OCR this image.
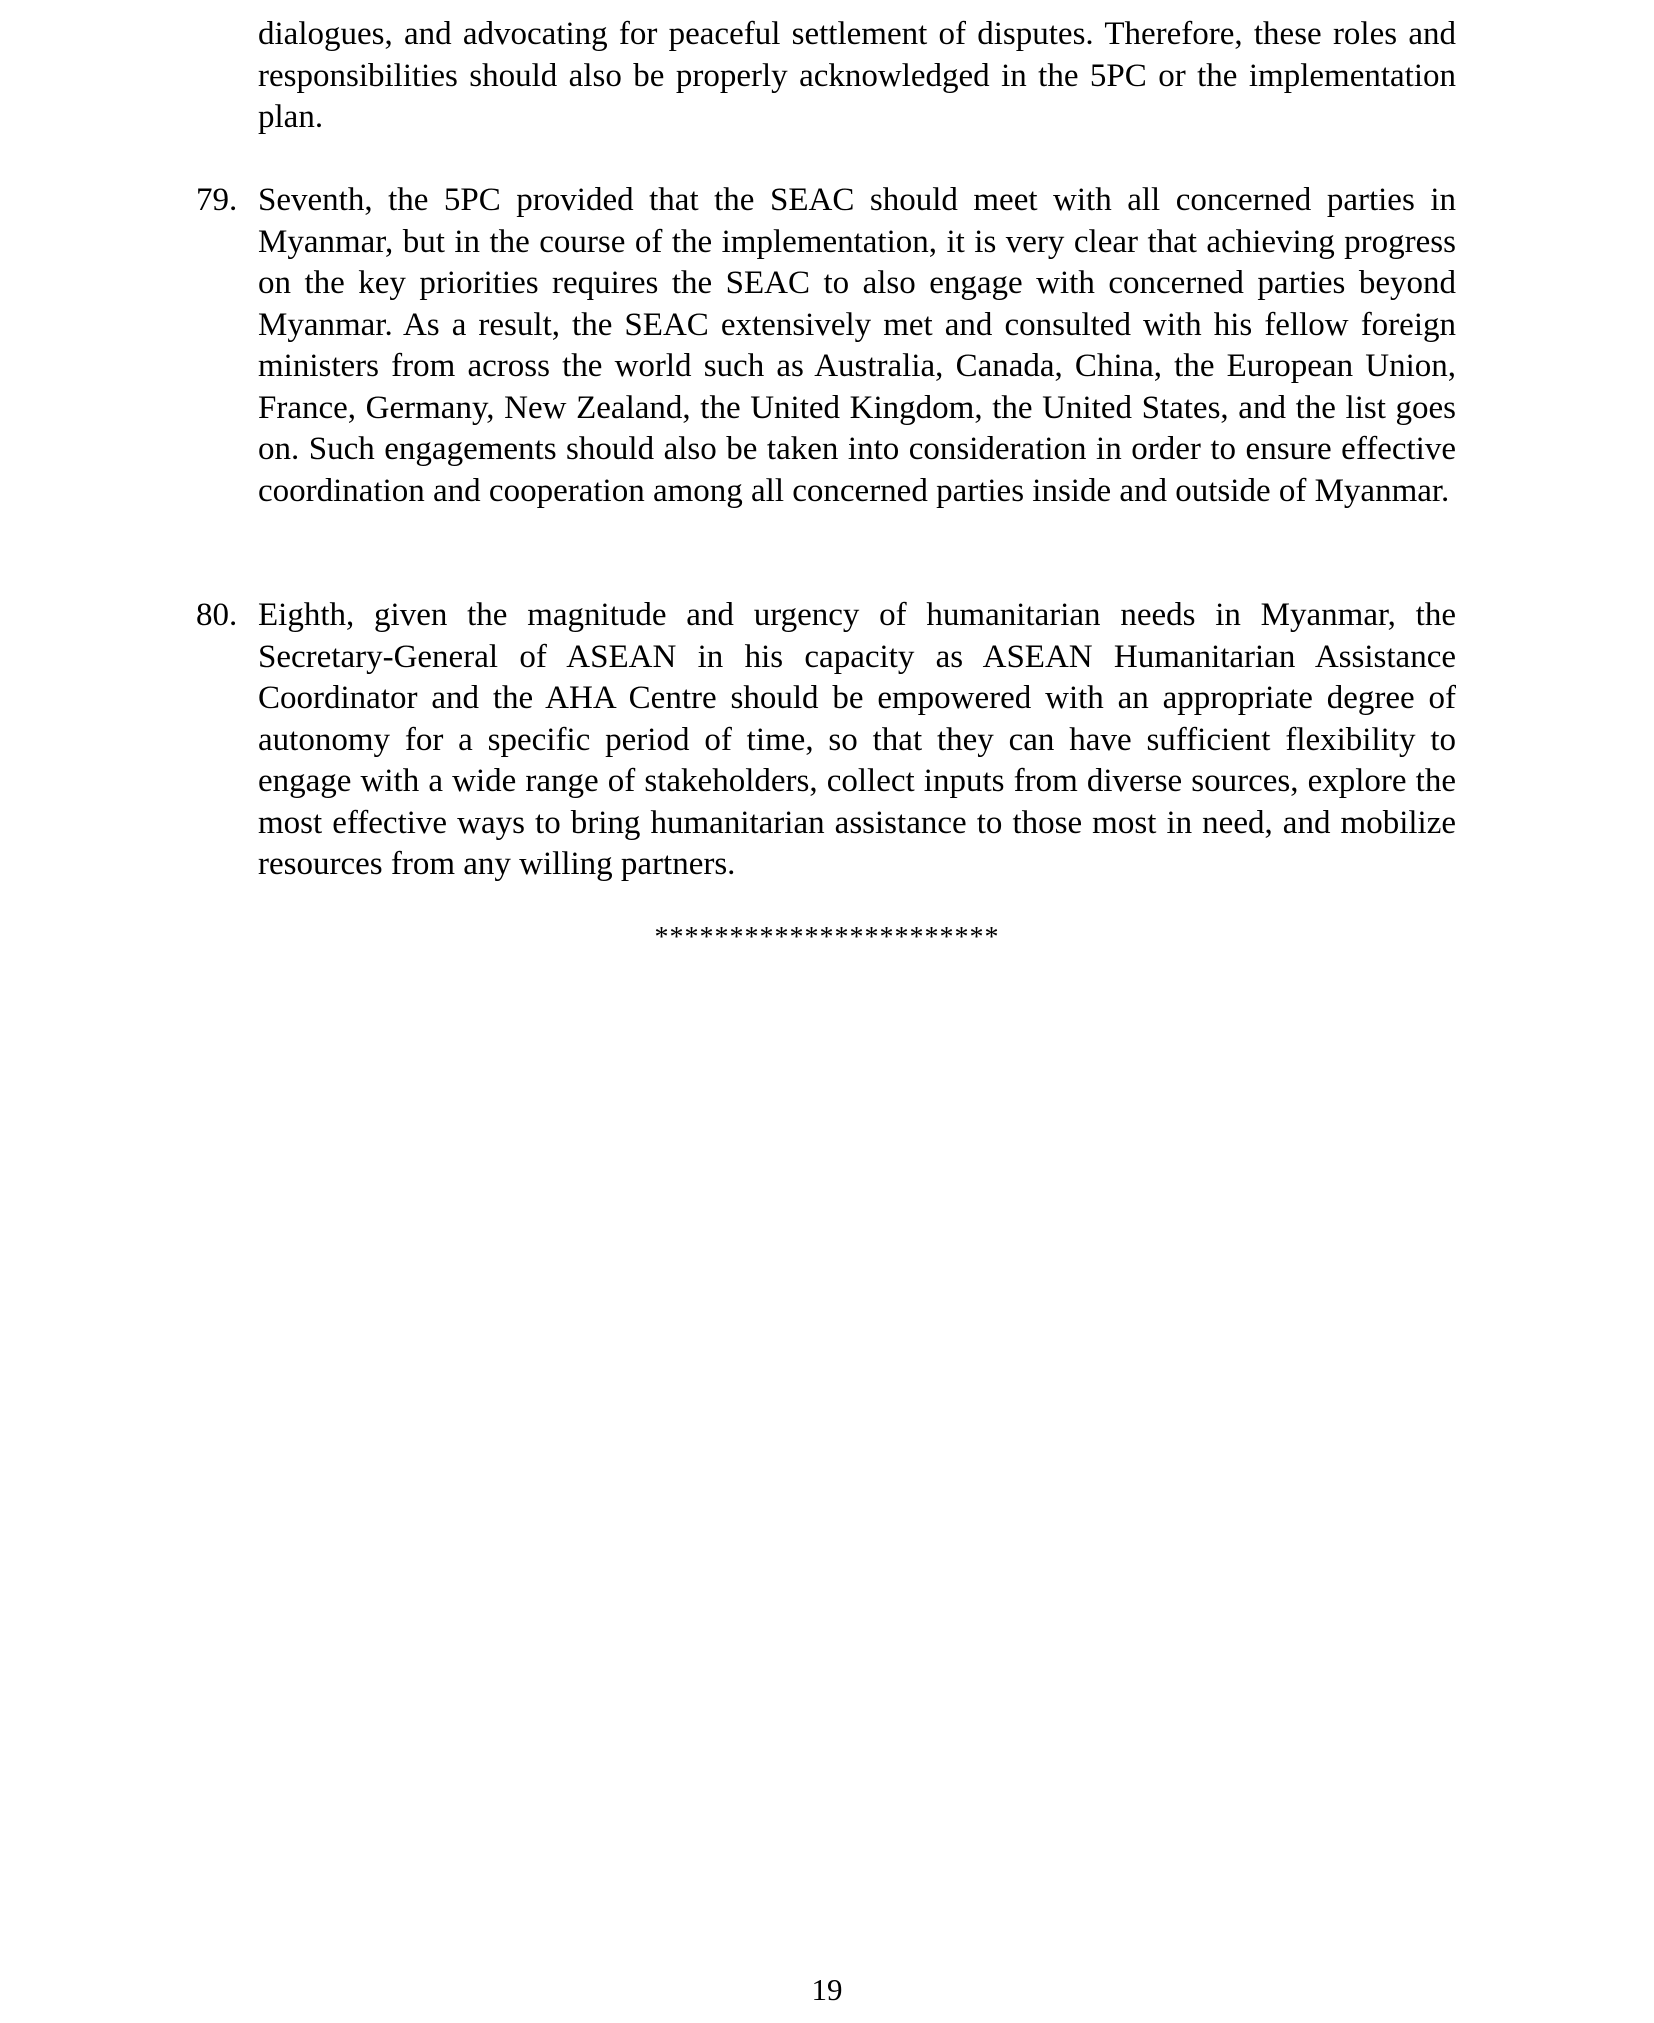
dialogues, and advocating for peaceful settlement of disputes. Therefore, these roles and responsibilities should also be properly acknowledged in the 5PC or the implementation plan.

79. Seventh, the 5PC provided that the SEAC should meet with all concerned parties in Myanmar, but in the course of the implementation, it is very clear that achieving progress on the key priorities requires the SEAC to also engage with concerned parties beyond Myanmar. As a result, the SEAC extensively met and consulted with his fellow foreign ministers from across the world such as Australia, Canada, China, the European Union, France, Germany, New Zealand, the United Kingdom, the United States, and the list goes on. Such engagements should also be taken into consideration in order to ensure effective coordination and cooperation among all concerned parties inside and outside of Myanmar.

80. Eighth, given the magnitude and urgency of humanitarian needs in Myanmar, the Secretary-General of ASEAN in his capacity as ASEAN Humanitarian Assistance Coordinator and the AHA Centre should be empowered with an appropriate degree of autonomy for a specific period of time, so that they can have sufficient flexibility to engage with a wide range of stakeholders, collect inputs from diverse sources, explore the most effective ways to bring humanitarian assistance to those most in need, and mobilize resources from any willing partners.

***********************
19
